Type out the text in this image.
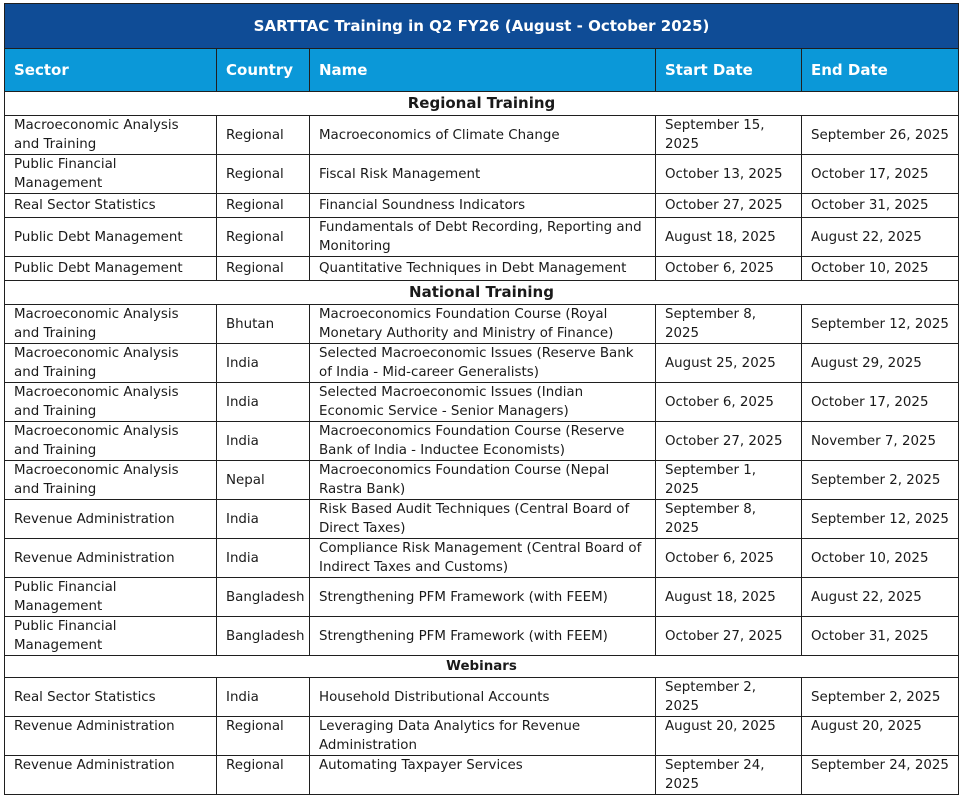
SARTTAC Training in Q2 FY26 (August - October 2025)				
Sector	Country	Name	Start Date	End Date
Regional Training				
Macroeconomic Analysis and Training	Regional	Macroeconomics of Climate Change	September 15, 2025	September 26, 2025
Public Financial Management	Regional	Fiscal Risk Management	October 13, 2025	October 17, 2025
Real Sector Statistics	Regional	Financial Soundness Indicators	October 27, 2025	October 31, 2025
Public Debt Management	Regional	Fundamentals of Debt Recording, Reporting and Monitoring	August 18, 2025	August 22, 2025
Public Debt Management	Regional	Quantitative Techniques in Debt Management	October 6, 2025	October 10, 2025
National Training				
Macroeconomic Analysis and Training	Bhutan	Macroeconomics Foundation Course (Royal Monetary Authority and Ministry of Finance)	September 8, 2025	September 12, 2025
Macroeconomic Analysis and Training	India	Selected Macroeconomic Issues (Reserve Bank of India - Mid-career Generalists)	August 25, 2025	August 29, 2025
Macroeconomic Analysis and Training	India	Selected Macroeconomic Issues (Indian Economic Service - Senior Managers)	October 6, 2025	October 17, 2025
Macroeconomic Analysis and Training	India	Macroeconomics Foundation Course (Reserve Bank of India - Inductee Economists)	October 27, 2025	November 7, 2025
Macroeconomic Analysis and Training	Nepal	Macroeconomics Foundation Course (Nepal Rastra Bank)	September 1, 2025	September 2, 2025
Revenue Administration	India	Risk Based Audit Techniques (Central Board of Direct Taxes)	September 8, 2025	September 12, 2025
Revenue Administration	India	Compliance Risk Management (Central Board of Indirect Taxes and Customs)	October 6, 2025	October 10, 2025
Public Financial Management	Bangladesh	Strengthening PFM Framework (with FEEM)	August 18, 2025	August 22, 2025
Public Financial Management	Bangladesh	Strengthening PFM Framework (with FEEM)	October 27, 2025	October 31, 2025
Webinars				
Real Sector Statistics	India	Household Distributional Accounts	September 2, 2025	September 2, 2025
Revenue Administration	Regional	Leveraging Data Analytics for Revenue Administration	August 20, 2025	August 20, 2025
Revenue Administration	Regional	Automating Taxpayer Services	September 24, 2025	September 24, 2025
